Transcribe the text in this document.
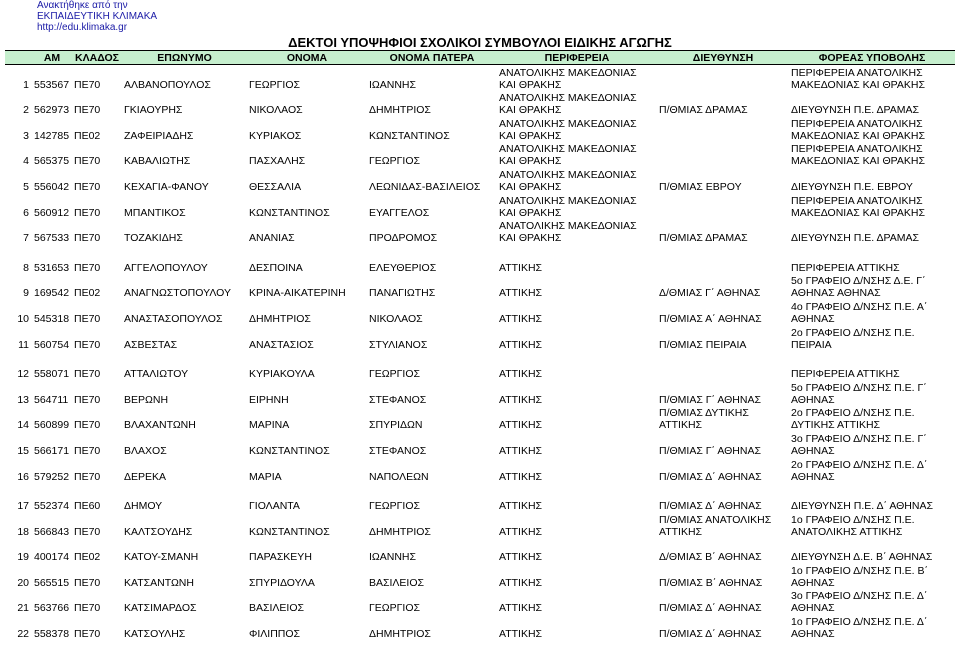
Ανακτήθηκε από την
ΕΚΠΑΙΔΕΥΤΙΚΗ ΚΛΙΜΑΚΑ
http://edu.klimaka.gr
ΔΕΚΤΟΙ ΥΠΟΨΗΦΙΟΙ ΣΧΟΛΙΚΟΙ ΣΥΜΒΟΥΛΟΙ ΕΙΔΙΚΗΣ ΑΓΩΓΗΣ
	ΑΜ	ΚΛΑΔΟΣ	ΕΠΩΝΥΜΟ	ΟΝΟΜΑ	ΟΝΟΜΑ ΠΑΤΕΡΑ	ΠΕΡΙΦΕΡΕΙΑ	ΔΙΕΥΘΥΝΣΗ	ΦΟΡΕΑΣ ΥΠΟΒΟΛΗΣ
1	553567	ΠΕ70	ΑΛΒΑΝΟΠΟΥΛΟΣ	ΓΕΩΡΓΙΟΣ	ΙΩΑΝΝΗΣ	ΑΝΑΤΟΛΙΚΗΣ ΜΑΚΕΔΟΝΙΑΣ ΚΑΙ ΘΡΑΚΗΣ		ΠΕΡΙΦΕΡΕΙΑ ΑΝΑΤΟΛΙΚΗΣ ΜΑΚΕΔΟΝΙΑΣ ΚΑΙ ΘΡΑΚΗΣ
2	562973	ΠΕ70	ΓΚΙΑΟΥΡΗΣ	ΝΙΚΟΛΑΟΣ	ΔΗΜΗΤΡΙΟΣ	ΑΝΑΤΟΛΙΚΗΣ ΜΑΚΕΔΟΝΙΑΣ ΚΑΙ ΘΡΑΚΗΣ	Π/ΘΜΙΑΣ ΔΡΑΜΑΣ	ΔΙΕΥΘΥΝΣΗ Π.Ε. ΔΡΑΜΑΣ
3	142785	ΠΕ02	ΖΑΦΕΙΡΙΑΔΗΣ	ΚΥΡΙΑΚΟΣ	ΚΩΝΣΤΑΝΤΙΝΟΣ	ΑΝΑΤΟΛΙΚΗΣ ΜΑΚΕΔΟΝΙΑΣ ΚΑΙ ΘΡΑΚΗΣ		ΠΕΡΙΦΕΡΕΙΑ ΑΝΑΤΟΛΙΚΗΣ ΜΑΚΕΔΟΝΙΑΣ ΚΑΙ ΘΡΑΚΗΣ
4	565375	ΠΕ70	ΚΑΒΑΛΙΩΤΗΣ	ΠΑΣΧΑΛΗΣ	ΓΕΩΡΓΙΟΣ	ΑΝΑΤΟΛΙΚΗΣ ΜΑΚΕΔΟΝΙΑΣ ΚΑΙ ΘΡΑΚΗΣ		ΠΕΡΙΦΕΡΕΙΑ ΑΝΑΤΟΛΙΚΗΣ ΜΑΚΕΔΟΝΙΑΣ ΚΑΙ ΘΡΑΚΗΣ
5	556042	ΠΕ70	ΚΕΧΑΓΙΑ-ΦΑΝΟΥ	ΘΕΣΣΑΛΙΑ	ΛΕΩΝΙΔΑΣ-ΒΑΣΙΛΕΙΟΣ	ΑΝΑΤΟΛΙΚΗΣ ΜΑΚΕΔΟΝΙΑΣ ΚΑΙ ΘΡΑΚΗΣ	Π/ΘΜΙΑΣ ΕΒΡΟΥ	ΔΙΕΥΘΥΝΣΗ Π.Ε. ΕΒΡΟΥ
6	560912	ΠΕ70	ΜΠΑΝΤΙΚΟΣ	ΚΩΝΣΤΑΝΤΙΝΟΣ	ΕΥΑΓΓΕΛΟΣ	ΑΝΑΤΟΛΙΚΗΣ ΜΑΚΕΔΟΝΙΑΣ ΚΑΙ ΘΡΑΚΗΣ		ΠΕΡΙΦΕΡΕΙΑ ΑΝΑΤΟΛΙΚΗΣ ΜΑΚΕΔΟΝΙΑΣ ΚΑΙ ΘΡΑΚΗΣ
7	567533	ΠΕ70	ΤΟΖΑΚΙΔΗΣ	ΑΝΑΝΙΑΣ	ΠΡΟΔΡΟΜΟΣ	ΑΝΑΤΟΛΙΚΗΣ ΜΑΚΕΔΟΝΙΑΣ ΚΑΙ ΘΡΑΚΗΣ	Π/ΘΜΙΑΣ ΔΡΑΜΑΣ	ΔΙΕΥΘΥΝΣΗ Π.Ε. ΔΡΑΜΑΣ

8	531653	ΠΕ70	ΑΓΓΕΛΟΠΟΥΛΟΥ	ΔΕΣΠΟΙΝΑ	ΕΛΕΥΘΕΡΙΟΣ	ΑΤΤΙΚΗΣ		ΠΕΡΙΦΕΡΕΙΑ ΑΤΤΙΚΗΣ
9	169542	ΠΕ02	ΑΝΑΓΝΩΣΤΟΠΟΥΛΟΥ	ΚΡΙΝΑ-ΑΙΚΑΤΕΡΙΝΗ	ΠΑΝΑΓΙΩΤΗΣ	ΑΤΤΙΚΗΣ	Δ/ΘΜΙΑΣ Γ΄ ΑΘΗΝΑΣ	5ο ΓΡΑΦΕΙΟ Δ/ΝΣΗΣ Δ.Ε. Γ΄ ΑΘΗΝΑΣ ΑΘΗΝΑΣ
10	545318	ΠΕ70	ΑΝΑΣΤΑΣΟΠΟΥΛΟΣ	ΔΗΜΗΤΡΙΟΣ	ΝΙΚΟΛΑΟΣ	ΑΤΤΙΚΗΣ	Π/ΘΜΙΑΣ Α΄ ΑΘΗΝΑΣ	4ο ΓΡΑΦΕΙΟ Δ/ΝΣΗΣ Π.Ε. Α΄ ΑΘΗΝΑΣ
11	560754	ΠΕ70	ΑΣΒΕΣΤΑΣ	ΑΝΑΣΤΑΣΙΟΣ	ΣΤΥΛΙΑΝΟΣ	ΑΤΤΙΚΗΣ	Π/ΘΜΙΑΣ ΠΕΙΡΑΙΑ	2ο ΓΡΑΦΕΙΟ Δ/ΝΣΗΣ Π.Ε. ΠΕΙΡΑΙΑ

12	558071	ΠΕ70	ΑΤΤΑΛΙΩΤΟΥ	ΚΥΡΙΑΚΟΥΛΑ	ΓΕΩΡΓΙΟΣ	ΑΤΤΙΚΗΣ		ΠΕΡΙΦΕΡΕΙΑ ΑΤΤΙΚΗΣ
13	564711	ΠΕ70	ΒΕΡΩΝΗ	ΕΙΡΗΝΗ	ΣΤΕΦΑΝΟΣ	ΑΤΤΙΚΗΣ	Π/ΘΜΙΑΣ Γ΄ ΑΘΗΝΑΣ	5ο ΓΡΑΦΕΙΟ Δ/ΝΣΗΣ Π.Ε. Γ΄ ΑΘΗΝΑΣ
14	560899	ΠΕ70	ΒΛΑΧΑΝΤΩΝΗ	ΜΑΡΙΝΑ	ΣΠΥΡΙΔΩΝ	ΑΤΤΙΚΗΣ	Π/ΘΜΙΑΣ ΔΥΤΙΚΗΣ ΑΤΤΙΚΗΣ	2ο ΓΡΑΦΕΙΟ Δ/ΝΣΗΣ Π.Ε. ΔΥΤΙΚΗΣ ΑΤΤΙΚΗΣ
15	566171	ΠΕ70	ΒΛΑΧΟΣ	ΚΩΝΣΤΑΝΤΙΝΟΣ	ΣΤΕΦΑΝΟΣ	ΑΤΤΙΚΗΣ	Π/ΘΜΙΑΣ Γ΄ ΑΘΗΝΑΣ	3ο ΓΡΑΦΕΙΟ Δ/ΝΣΗΣ Π.Ε. Γ΄ ΑΘΗΝΑΣ
16	579252	ΠΕ70	ΔΕΡΕΚΑ	ΜΑΡΙΑ	ΝΑΠΟΛΕΩΝ	ΑΤΤΙΚΗΣ	Π/ΘΜΙΑΣ Δ΄ ΑΘΗΝΑΣ	2ο ΓΡΑΦΕΙΟ Δ/ΝΣΗΣ Π.Ε. Δ΄ ΑΘΗΝΑΣ

17	552374	ΠΕ60	ΔΗΜΟΥ	ΓΙΟΛΑΝΤΑ	ΓΕΩΡΓΙΟΣ	ΑΤΤΙΚΗΣ	Π/ΘΜΙΑΣ Δ΄ ΑΘΗΝΑΣ	ΔΙΕΥΘΥΝΣΗ Π.Ε. Δ΄ ΑΘΗΝΑΣ
18	566843	ΠΕ70	ΚΑΛΤΣΟΥΔΗΣ	ΚΩΝΣΤΑΝΤΙΝΟΣ	ΔΗΜΗΤΡΙΟΣ	ΑΤΤΙΚΗΣ	Π/ΘΜΙΑΣ ΑΝΑΤΟΛΙΚΗΣ ΑΤΤΙΚΗΣ	1ο ΓΡΑΦΕΙΟ Δ/ΝΣΗΣ Π.Ε. ΑΝΑΤΟΛΙΚΗΣ ΑΤΤΙΚΗΣ
19	400174	ΠΕ02	ΚΑΤΟΥ-ΣΜΑΝΗ	ΠΑΡΑΣΚΕΥΗ	ΙΩΑΝΝΗΣ	ΑΤΤΙΚΗΣ	Δ/ΘΜΙΑΣ Β΄ ΑΘΗΝΑΣ	ΔΙΕΥΘΥΝΣΗ Δ.Ε. Β΄ ΑΘΗΝΑΣ
20	565515	ΠΕ70	ΚΑΤΣΑΝΤΩΝΗ	ΣΠΥΡΙΔΟΥΛΑ	ΒΑΣΙΛΕΙΟΣ	ΑΤΤΙΚΗΣ	Π/ΘΜΙΑΣ Β΄ ΑΘΗΝΑΣ	1ο ΓΡΑΦΕΙΟ Δ/ΝΣΗΣ Π.Ε. Β΄ ΑΘΗΝΑΣ
21	563766	ΠΕ70	ΚΑΤΣΙΜΑΡΔΟΣ	ΒΑΣΙΛΕΙΟΣ	ΓΕΩΡΓΙΟΣ	ΑΤΤΙΚΗΣ	Π/ΘΜΙΑΣ Δ΄ ΑΘΗΝΑΣ	3ο ΓΡΑΦΕΙΟ Δ/ΝΣΗΣ Π.Ε. Δ΄ ΑΘΗΝΑΣ
22	558378	ΠΕ70	ΚΑΤΣΟΥΛΗΣ	ΦΙΛΙΠΠΟΣ	ΔΗΜΗΤΡΙΟΣ	ΑΤΤΙΚΗΣ	Π/ΘΜΙΑΣ Δ΄ ΑΘΗΝΑΣ	1ο ΓΡΑΦΕΙΟ Δ/ΝΣΗΣ Π.Ε. Δ΄ ΑΘΗΝΑΣ
